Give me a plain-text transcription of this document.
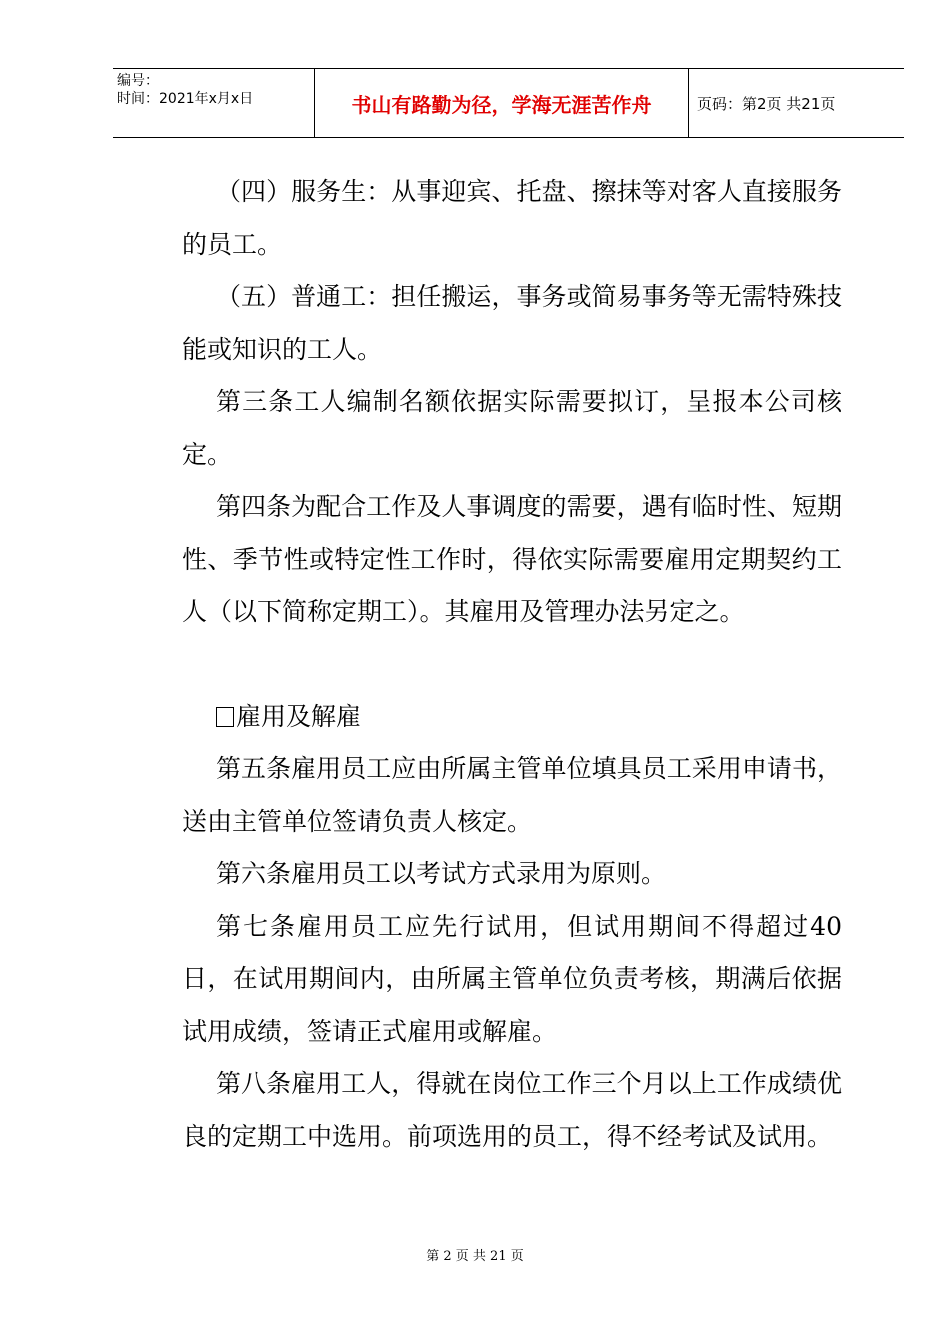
编号：
时间：2021年x月x日	书山有路勤为径，学海无涯苦作舟	页码：第2页 共21页

（四）服务生：从事迎宾、托盘、擦抹等对客人直接服务的员工。

（五）普通工：担任搬运，事务或简易事务等无需特殊技能或知识的工人。

第三条工人编制名额依据实际需要拟订，呈报本公司核定。

第四条为配合工作及人事调度的需要，遇有临时性、短期性、季节性或特定性工作时，得依实际需要雇用定期契约工人（以下简称定期工）。其雇用及管理办法另定之。

雇用及解雇

第五条雇用员工应由所属主管单位填具员工采用申请书，送由主管单位签请负责人核定。

第六条雇用员工以考试方式录用为原则。

第七条雇用员工应先行试用，但试用期间不得超过40日，在试用期间内，由所属主管单位负责考核，期满后依据试用成绩，签请正式雇用或解雇。

第八条雇用工人，得就在岗位工作三个月以上工作成绩优良的定期工中选用。前项选用的员工，得不经考试及试用。

第 2 页 共 21 页
